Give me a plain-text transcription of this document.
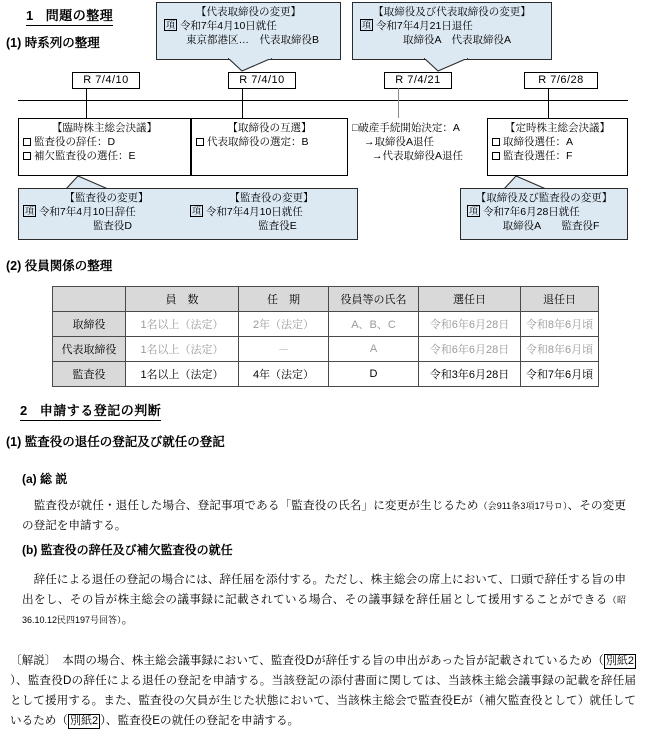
1 問題の整理
(1) 時系列の整理
【代表取締役の変更】
項 令和7年4月10日就任
東京都港区…　代表取締役B
【取締役及び代表取締役の変更】
項 令和7年4月21日退任
取締役A　代表取締役A
R 7/4/10	R 7/4/10	R 7/4/21	R 7/6/28
【臨時株主総会決議】
監査役の辞任：D
補欠監査役の選任：E
【取締役の互選】
代表取締役の選定：B
□破産手続開始決定：A
→取締役A退任
→代表取締役A退任
【定時株主総会決議】
取締役選任：A
監査役選任：F
【監査役の変更】
項 令和7年4月10日辞任
監査役D
【監査役の変更】
項 令和7年4月10日就任
監査役E
【取締役及び監査役の変更】
項 令和7年6月28日就任
取締役A　　監査役F
(2) 役員関係の整理
	員　数	任　期	役員等の氏名	選任日	退任日
取締役	1名以上（法定）	2年（法定）	A、B、C	令和6年6月28日	令和8年6月頃
代表取締役	1名以上（法定）	－	A	令和6年6月28日	令和8年6月頃
監査役	1名以上（法定）	4年（法定）	D	令和3年6月28日	令和7年6月頃
2 申請する登記の判断
(1) 監査役の退任の登記及び就任の登記
(a) 総 説
　監査役が就任・退任した場合、登記事項である「監査役の氏名」に変更が生じるため（会911条3項17号ロ）、その変更の登記を申請する。
(b) 監査役の辞任及び補欠監査役の就任
　辞任による退任の登記の場合には、辞任届を添付する。ただし、株主総会の席上において、口頭で辞任する旨の申出をし、その旨が株主総会の議事録に記載されている場合、その議事録を辞任届として援用することができる（昭36.10.12民四197号回答）。
〔解説〕　本問の場合、株主総会議事録において、監査役Dが辞任する旨の申出があった旨が記載されているため（ 別紙2）、監査役Dの辞任による退任の登記を申請する。当該登記の添付書面に関しては、当該株主総会議事録の記載を辞任届として援用する。また、監査役の欠員が生じた状態において、当該株主総会で監査役Eが（補欠監査役として）就任しているため（ 別紙2 ）、監査役Eの就任の登記を申請する。
